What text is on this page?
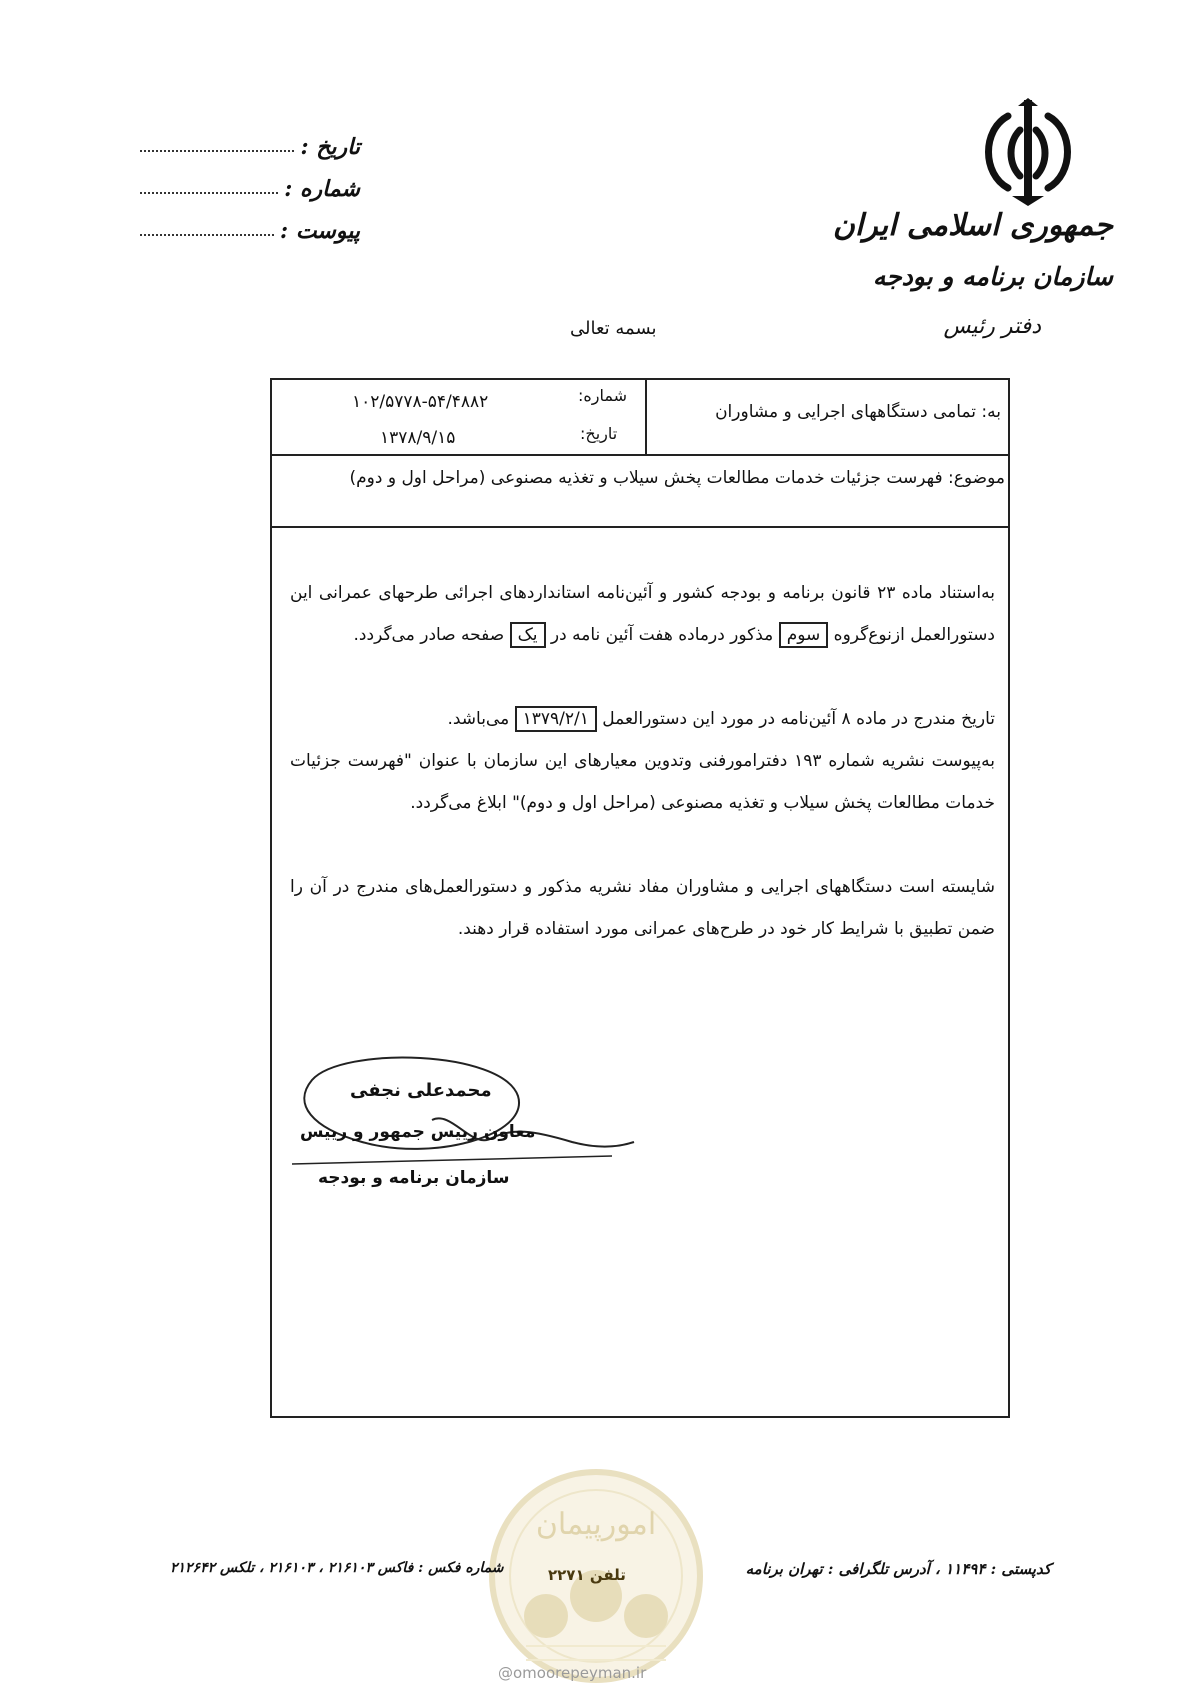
جمهوری اسلامی ایران
سازمان برنامه و بودجه
دفتر رئیس
تاریخ :
شماره :
پیوست :
بسمه تعالی
به: تمامی دستگاههای اجرایی و مشاوران
شماره:
۱۰۲/۵۷۷۸-۵۴/۴۸۸۲
تاریخ:
۱۳۷۸/۹/۱۵
موضوع: فهرست جزئیات خدمات مطالعات پخش سیلاب و تغذیه مصنوعی (مراحل اول و دوم)
به‌استناد ماده ۲۳ قانون برنامه و بودجه کشور و آئین‌نامه استانداردهای اجرائی طرحهای عمرانی این دستورالعمل ازنوع‌گروه سوم مذکور درماده هفت آئین نامه در یک صفحه صادر می‌گردد.
تاریخ مندرج در ماده ۸ آئین‌نامه در مورد این دستورالعمل ۱۳۷۹/۲/۱ می‌باشد.
به‌پیوست نشریه شماره ۱۹۳ دفترامورفنی وتدوین معیارهای این سازمان با عنوان "فهرست جزئیات خدمات مطالعات پخش سیلاب و تغذیه مصنوعی (مراحل اول و دوم)" ابلاغ می‌گردد.
شایسته است دستگاههای اجرایی و مشاوران مفاد نشریه مذکور و دستورالعمل‌های مندرج در آن را ضمن تطبیق با شرایط کار خود در طرح‌های عمرانی مورد استفاده قرار دهند.
محمدعلی نجفی
معاون رییس جمهور و رییس
سازمان برنامه و بودجه
امورپیمان
تلفن ۲۲۷۱
@omoorepeyman.ir
شماره فکس : فاکس ۲۱۶۱۰۳ ، ۲۱۶۱۰۳ ، تلکس ۲۱۲۶۴۲	کدپستی : ۱۱۴۹۴ ، آدرس تلگرافی : تهران برنامه
